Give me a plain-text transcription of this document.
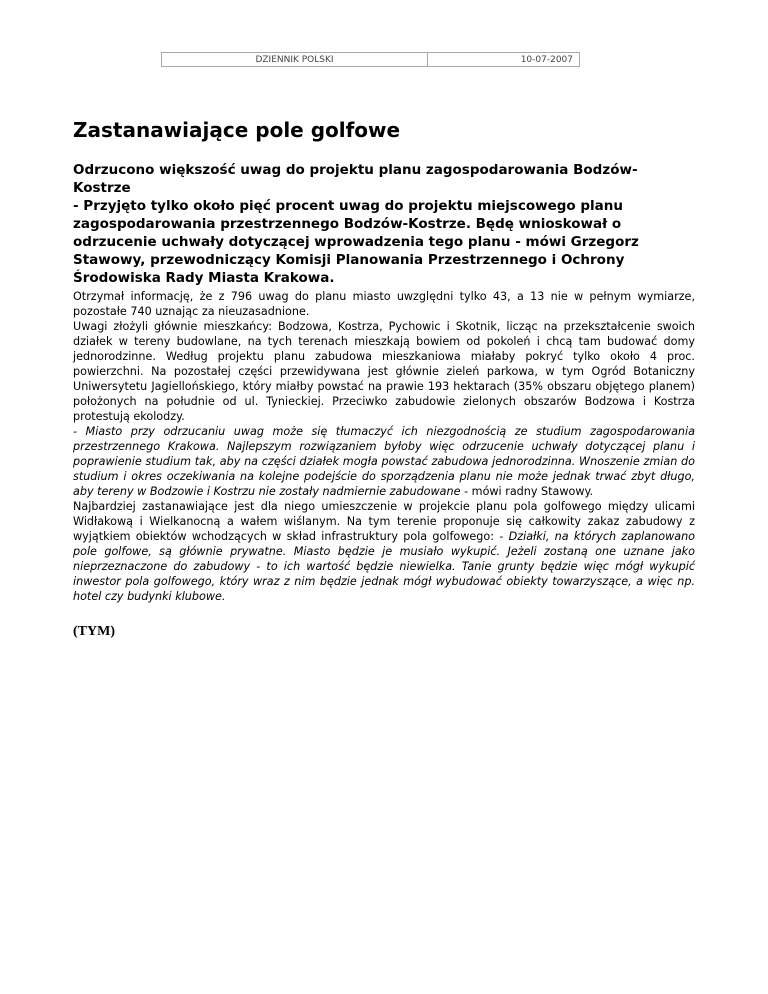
DZIENNIK POLSKI	10-07-2007
Zastanawiające pole golfowe

Odrzucono większość uwag do projektu planu zagospodarowania Bodzów-Kostrze
- Przyjęto tylko około pięć procent uwag do projektu miejscowego planu zagospodarowania przestrzennego Bodzów-Kostrze. Będę wnioskował o odrzucenie uchwały dotyczącej wprowadzenia tego planu - mówi Grzegorz Stawowy, przewodniczący Komisji Planowania Przestrzennego i Ochrony Środowiska Rady Miasta Krakowa.

Otrzymał informację, że z 796 uwag do planu miasto uwzględni tylko 43, a 13 nie w pełnym wymiarze, pozostałe 740 uznając za nieuzasadnione.

Uwagi złożyli głównie mieszkańcy: Bodzowa, Kostrza, Pychowic i Skotnik, licząc na przekształcenie swoich działek w tereny budowlane, na tych terenach mieszkają bowiem od pokoleń i chcą tam budować domy jednorodzinne. Według projektu planu zabudowa mieszkaniowa miałaby pokryć tylko około 4 proc. powierzchni. Na pozostałej części przewidywana jest głównie zieleń parkowa, w tym Ogród Botaniczny Uniwersytetu Jagiellońskiego, który miałby powstać na prawie 193 hektarach (35% obszaru objętego planem) położonych na południe od ul. Tynieckiej. Przeciwko zabudowie zielonych obszarów Bodzowa i Kostrza protestują ekolodzy.

- Miasto przy odrzucaniu uwag może się tłumaczyć ich niezgodnością ze studium zagospodarowania przestrzennego Krakowa. Najlepszym rozwiązaniem byłoby więc odrzucenie uchwały dotyczącej planu i poprawienie studium tak, aby na części działek mogła powstać zabudowa jednorodzinna. Wnoszenie zmian do studium i okres oczekiwania na kolejne podejście do sporządzenia planu nie może jednak trwać zbyt długo, aby tereny w Bodzowie i Kostrzu nie zostały nadmiernie zabudowane - mówi radny Stawowy.

Najbardziej zastanawiające jest dla niego umieszczenie w projekcie planu pola golfowego między ulicami Widłakową i Wielkanocną a wałem wiślanym. Na tym terenie proponuje się całkowity zakaz zabudowy z wyjątkiem obiektów wchodzących w skład infrastruktury pola golfowego: - Działki, na których zaplanowano pole golfowe, są głównie prywatne. Miasto będzie je musiało wykupić. Jeżeli zostaną one uznane jako nieprzeznaczone do zabudowy - to ich wartość będzie niewielka. Tanie grunty będzie więc mógł wykupić inwestor pola golfowego, który wraz z nim będzie jednak mógł wybudować obiekty towarzyszące, a więc np. hotel czy budynki klubowe.

(TYM)
